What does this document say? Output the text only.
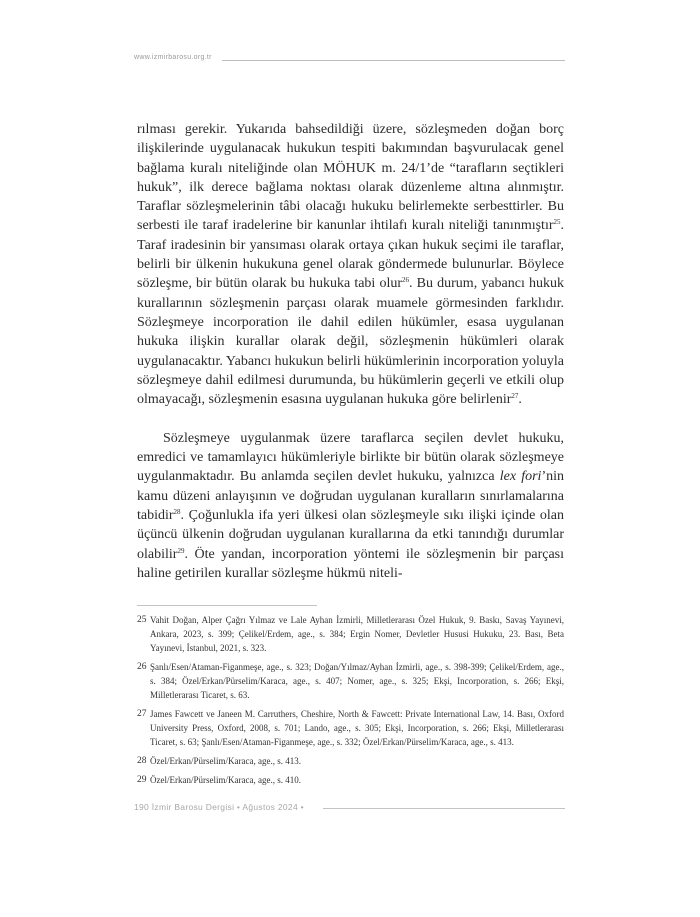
www.izmirbarosu.org.tr

rılması gerekir. Yukarıda bahsedildiği üzere, sözleşmeden doğan borç ilişkilerinde uygulanacak hukukun tespiti bakımından başvurulacak genel bağlama kuralı niteliğinde olan MÖHUK m. 24/1’de “tarafların seçtikleri hukuk”, ilk derece bağlama noktası olarak düzenleme altına alınmıştır. Taraflar sözleşmelerinin tâbi olacağı hukuku belirlemekte serbesttirler. Bu serbesti ile taraf iradelerine bir kanunlar ihtilafı kuralı niteliği tanınmıştır$^{25}$. Taraf iradesinin bir yansıması olarak ortaya çıkan hukuk seçimi ile taraflar, belirli bir ülkenin hukukuna genel olarak göndermede bulunurlar. Böylece sözleşme, bir bütün olarak bu hukuka tabi olur$^{26}$. Bu durum, yabancı hukuk kurallarının sözleşmenin parçası olarak muamele görmesinden farklıdır. Sözleşmeye incorporation ile dahil edilen hükümler, esasa uygulanan hukuka ilişkin kurallar olarak değil, sözleşmenin hükümleri olarak uygulanacaktır. Yabancı hukukun belirli hükümlerinin incorporation yoluyla sözleşmeye dahil edilmesi durumunda, bu hükümlerin geçerli ve etkili olup olmayacağı, sözleşmenin esasına uygulanan hukuka göre belirlenir$^{27}$.

Sözleşmeye uygulanmak üzere taraflarca seçilen devlet hukuku, emredici ve tamamlayıcı hükümleriyle birlikte bir bütün olarak sözleşmeye uygulanmaktadır. Bu anlamda seçilen devlet hukuku, yalnızca lex fori’nin kamu düzeni anlayışının ve doğrudan uygulanan kuralların sınırlamalarına tabidir$^{28}$. Çoğunlukla ifa yeri ülkesi olan sözleşmeyle sıkı ilişki içinde olan üçüncü ülkenin doğrudan uygulanan kurallarına da etki tanındığı durumlar olabilir$^{29}$. Öte yandan, incorporation yöntemi ile sözleşmenin bir parçası haline getirilen kurallar sözleşme hükmü niteli-

25 Vahit Doğan, Alper Çağrı Yılmaz ve Lale Ayhan İzmirli, Milletlerarası Özel Hukuk, 9. Baskı, Savaş Yayınevi, Ankara, 2023, s. 399; Çelikel/Erdem, age., s. 384; Ergin Nomer, Devletler Hususi Hukuku, 23. Bası, Beta Yayınevi, İstanbul, 2021, s. 323.
26 Şanlı/Esen/Ataman-Figanmeşe, age., s. 323; Doğan/Yılmaz/Ayhan İzmirli, age., s. 398-399; Çelikel/Erdem, age., s. 384; Özel/Erkan/Pürselim/Karaca, age., s. 407; Nomer, age., s. 325; Ekşi, Incorporation, s. 266; Ekşi, Milletlerarası Ticaret, s. 63.
27 James Fawcett ve Janeen M. Carruthers, Cheshire, North & Fawcett: Private International Law, 14. Bası, Oxford University Press, Oxford, 2008, s. 701; Lando, age., s. 305; Ekşi, Incorporation, s. 266; Ekşi, Milletlerarası Ticaret, s. 63; Şanlı/Esen/Ataman-Figanmeşe, age., s. 332; Özel/Erkan/Pürselim/Karaca, age., s. 413.
28 Özel/Erkan/Pürselim/Karaca, age., s. 413.
29 Özel/Erkan/Pürselim/Karaca, age., s. 410.
190 İzmir Barosu Dergisi • Ağustos 2024 •
